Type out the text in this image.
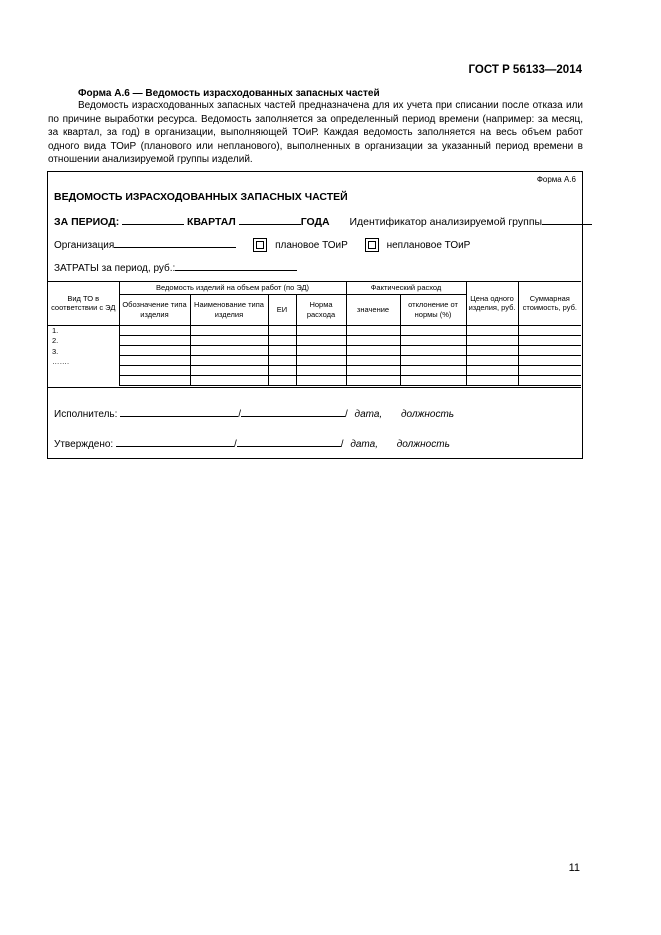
ГОСТ Р 56133—2014
Форма А.6 — Ведомость израсходованных запасных частей
Ведомость израсходованных запасных частей предназначена для их учета при списании после отказа или по причине выработки ресурса. Ведомость заполняется за определенный период времени (например: за месяц, за квартал, за год) в организации, выполняющей ТОиР. Каждая ведомость заполняется на весь объем работ одного вида ТОиР (планового или непланового), выполненных в организации за указанный период времени в отношении анализируемой группы изделий.
Форма А.6
ВЕДОМОСТЬ ИЗРАСХОДОВАННЫХ ЗАПАСНЫХ ЧАСТЕЙ
ЗА ПЕРИОД:	КВАРТАЛ	ГОДА Идентификатор анализируемой группы
Организация	плановое ТОиР	неплановое ТОиР
ЗАТРАТЫ за период, руб.:
Вид ТО в соответствии с ЭД	Ведомость изделий на объем работ (по ЭД)				Фактический расход		Цена одного изделия, руб.	Суммарная стоимость, руб.
	Обозначение типа изделия	Наименование типа изделия	ЕИ	Норма расхода	значение	отклонение от нормы (%)		

1.
2.
3.
…….								

Исполнитель:	/	/ дата, должность
Утверждено:	/	/ дата, должность
11
